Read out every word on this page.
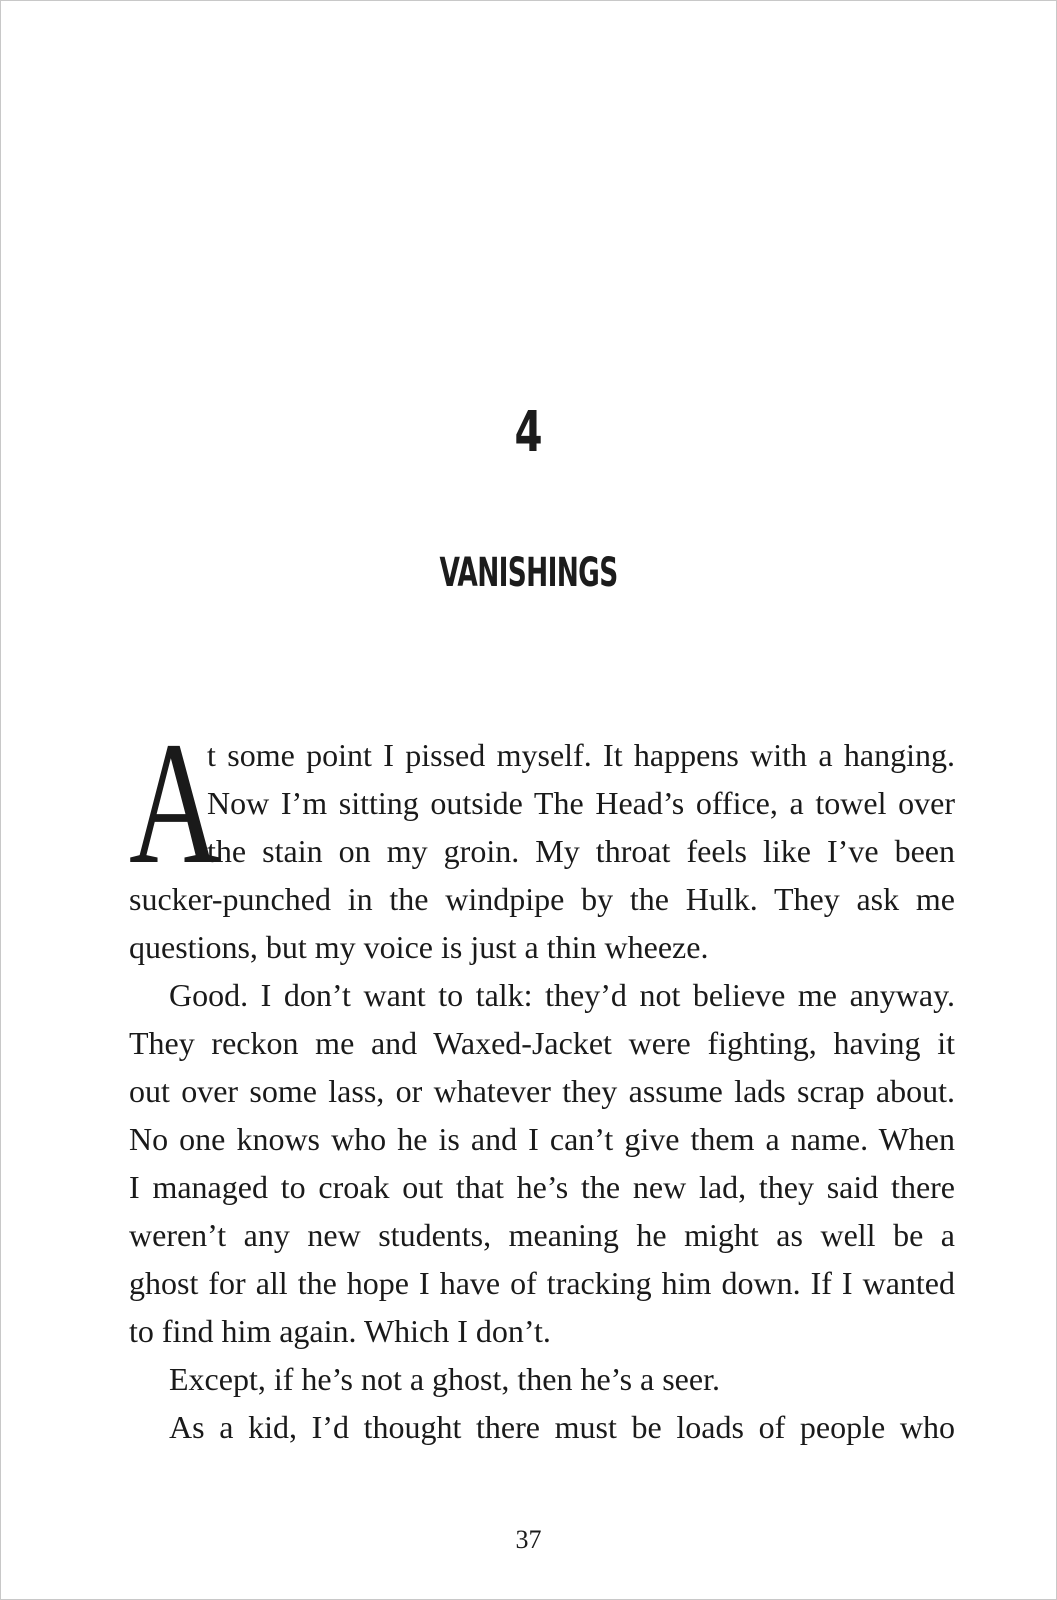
4
VANISHINGS
A
t some point I pissed myself. It happens with a hanging.
Now I’m sitting outside The Head’s office, a towel over
the stain on my groin. My throat feels like I’ve been
sucker-punched in the windpipe by the Hulk. They ask me
questions, but my voice is just a thin wheeze.
Good. I don’t want to talk: they’d not believe me anyway.
They reckon me and Waxed-Jacket were fighting, having it
out over some lass, or whatever they assume lads scrap about.
No one knows who he is and I can’t give them a name. When
I managed to croak out that he’s the new lad, they said there
weren’t any new students, meaning he might as well be a
ghost for all the hope I have of tracking him down. If I wanted
to find him again. Which I don’t.
Except, if he’s not a ghost, then he’s a seer.
As a kid, I’d thought there must be loads of people who
37
